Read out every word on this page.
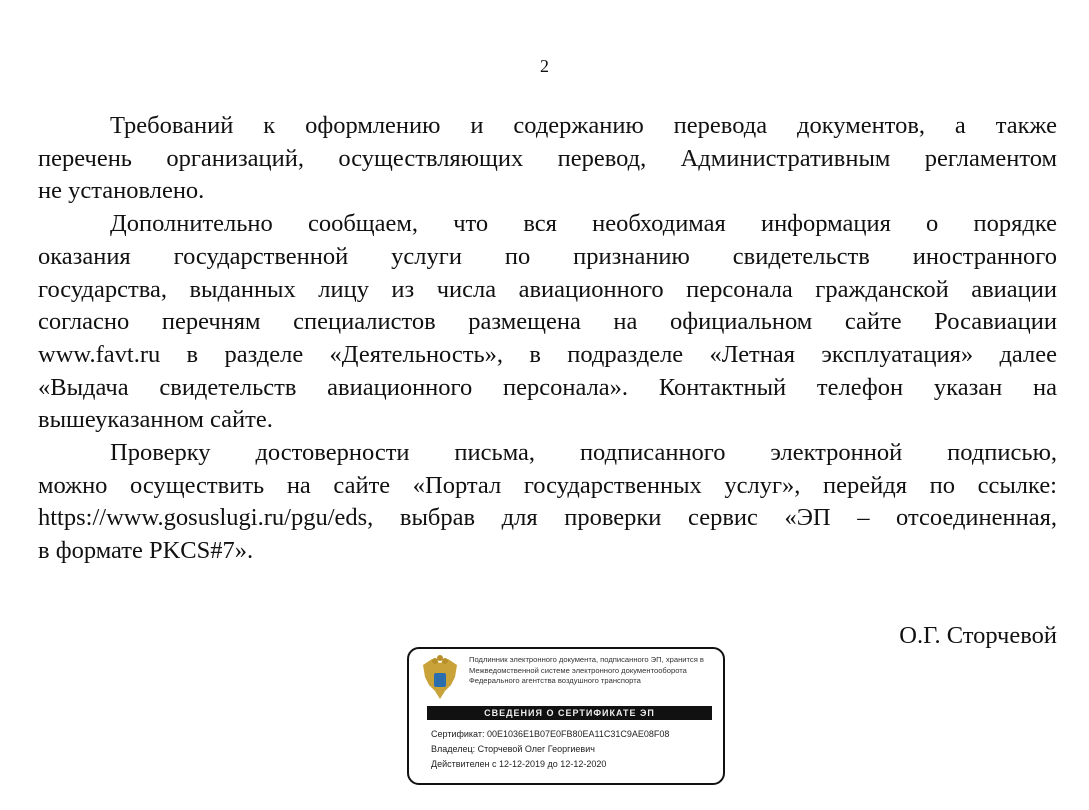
2
Требований к оформлению и содержанию перевода документов, а также
перечень организаций, осуществляющих перевод, Административным регламентом
не установлено.
Дополнительно сообщаем, что вся необходимая информация о порядке
оказания государственной услуги по признанию свидетельств иностранного
государства, выданных лицу из числа авиационного персонала гражданской авиации
согласно перечням специалистов размещена на официальном сайте Росавиации
www.favt.ru в разделе «Деятельность», в подразделе «Летная эксплуатация» далее
«Выдача свидетельств авиационного персонала». Контактный телефон указан на
вышеуказанном сайте.
Проверку достоверности письма, подписанного электронной подписью,
можно осуществить на сайте «Портал государственных услуг», перейдя по ссылке:
https://www.gosuslugi.ru/pgu/eds, выбрав для проверки сервис «ЭП – отсоединенная,
в формате PKCS#7».
О.Г. Сторчевой
Подлинник электронного документа, подписанного ЭП, хранится в Межведомственной системе электронного документооборота Федерального агентства воздушного транспорта
СВЕДЕНИЯ О СЕРТИФИКАТЕ ЭП
Сертификат: 00E1036E1B07E0FB80EA11C31C9AE08F08
Владелец: Сторчевой Олег Георгиевич
Действителен с 12-12-2019 до 12-12-2020
